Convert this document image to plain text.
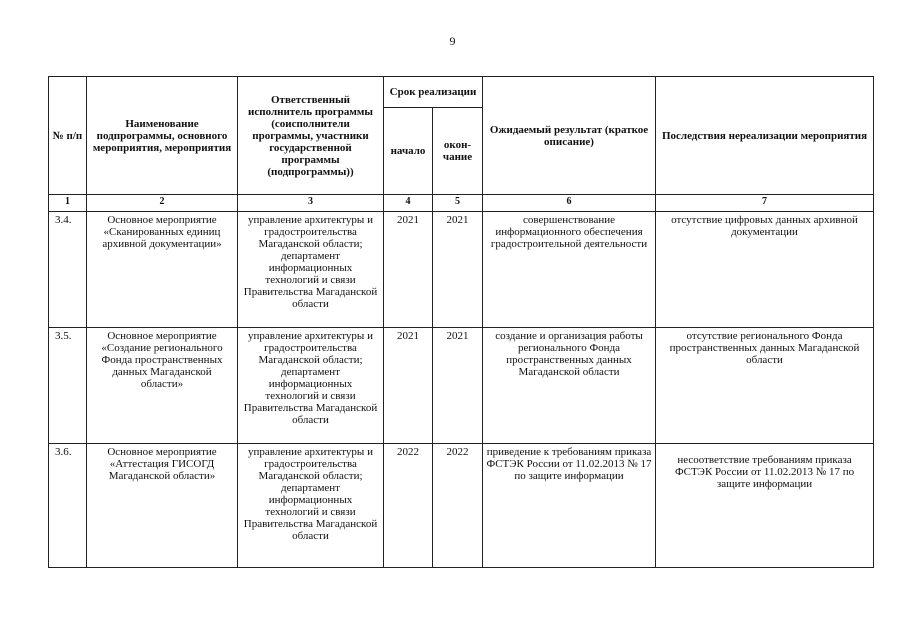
9
№ п/п	Наименование подпрограммы, основного мероприятия, мероприятия	Ответственный исполнитель программы (соисполнители программы, участники государственной программы (подпрограммы))	Срок реализации		Ожидаемый результат (краткое описание)	Последствия нереализации мероприятия
			начало	окон-чание		
1	2	3	4	5	6	7
3.4.	Основное мероприятие «Сканированных единиц архивной документации»	управление архитектуры и градостроительства Магаданской области; департамент информационных технологий и связи Правительства Магаданской области	2021	2021	совершенствование информационного обеспечения градостроительной деятельности	отсутствие цифровых данных архивной документации
3.5.	Основное мероприятие «Создание регионального Фонда пространственных данных Магаданской области»	управление архитектуры и градостроительства Магаданской области; департамент информационных технологий и связи Правительства Магаданской области	2021	2021	создание и организация работы регионального Фонда пространственных данных Магаданской области	отсутствие регионального Фонда пространственных данных Магаданской области
3.6.	Основное мероприятие «Аттестация ГИСОГД Магаданской области»	управление архитектуры и градостроительства Магаданской области; департамент информационных технологий и связи Правительства Магаданской области	2022	2022	приведение к требованиям приказа ФСТЭК России от 11.02.2013 № 17 по защите информации	несоответствие требованиям приказа ФСТЭК России от 11.02.2013 № 17 по защите информации
